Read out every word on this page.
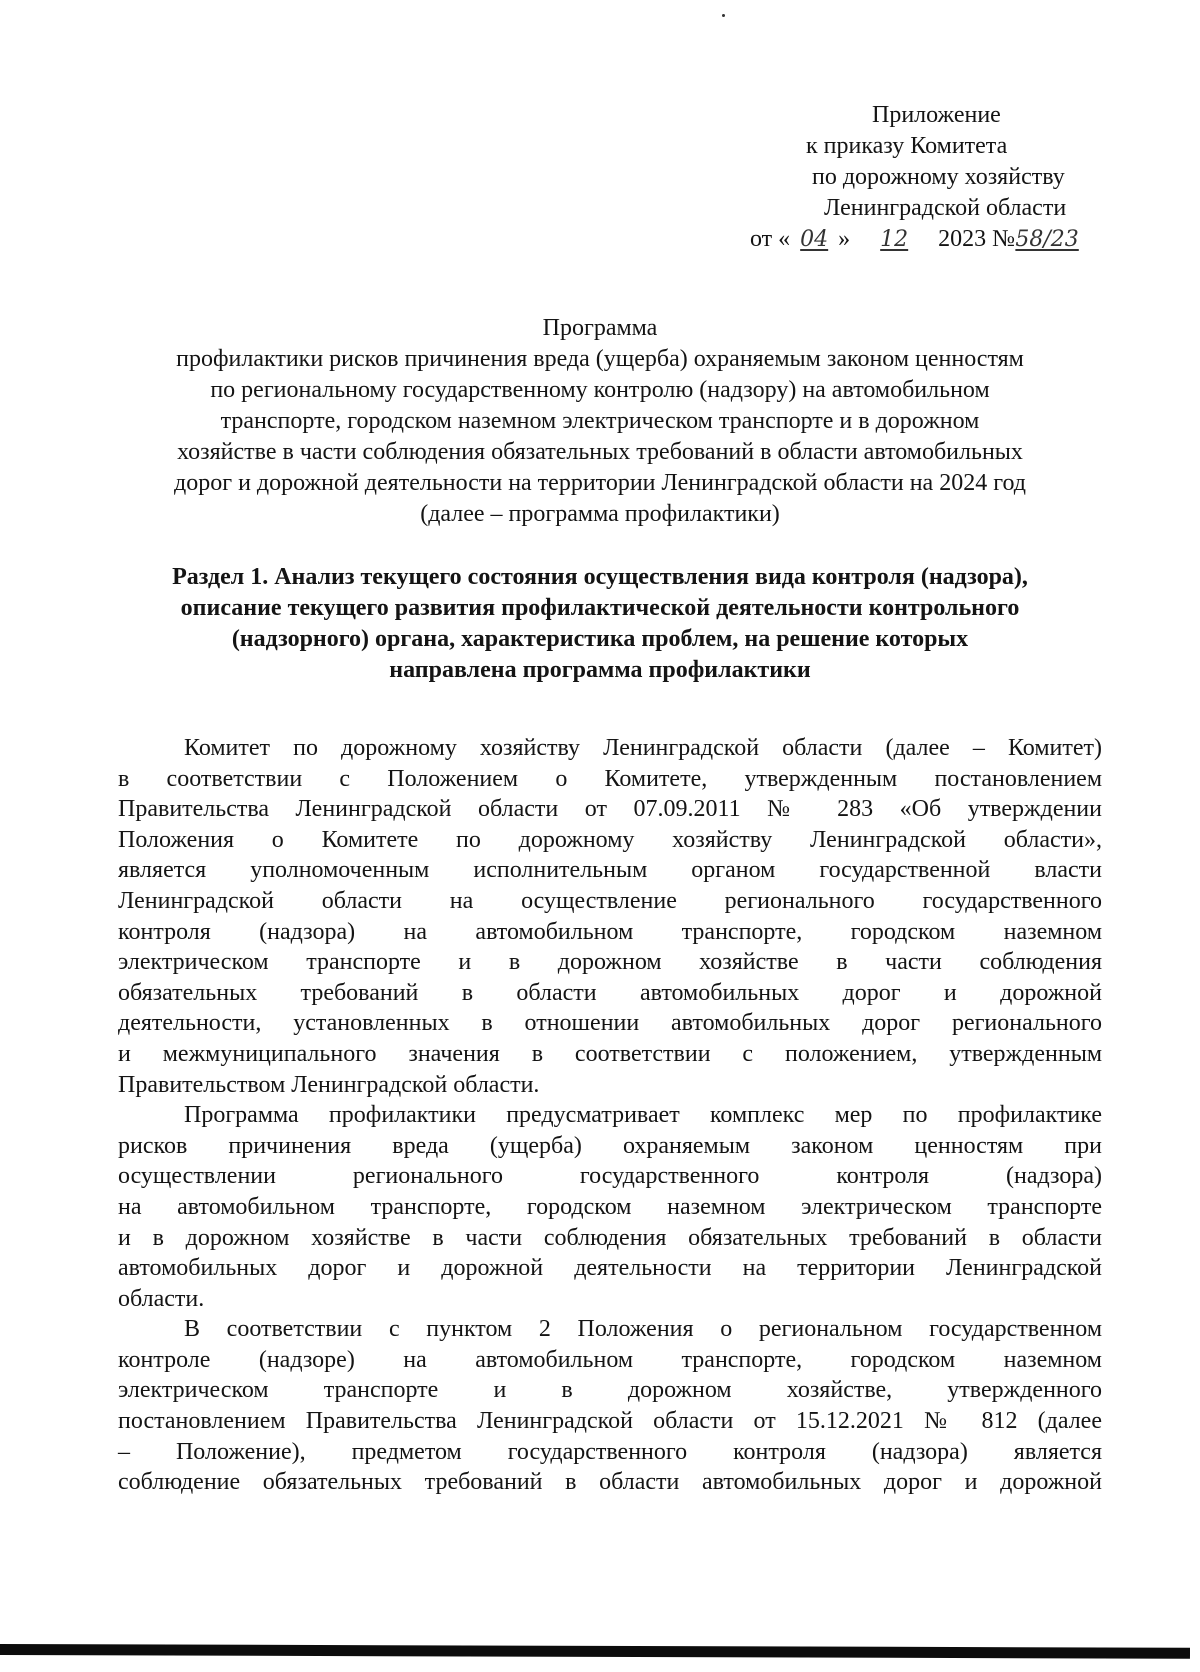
Приложение
к приказу Комитета
по дорожному хозяйству
Ленинградской области
от « 04 » 12 2023 №58/23
Программа
профилактики рисков причинения вреда (ущерба) охраняемым законом ценностям
по региональному государственному контролю (надзору) на автомобильном
транспорте, городском наземном электрическом транспорте и в дорожном
хозяйстве в части соблюдения обязательных требований в области автомобильных
дорог и дорожной деятельности на территории Ленинградской области на 2024 год
(далее – программа профилактики)
Раздел 1. Анализ текущего состояния осуществления вида контроля (надзора),
описание текущего развития профилактической деятельности контрольного
(надзорного) органа, характеристика проблем, на решение которых
направлена программа профилактики
Комитет по дорожному хозяйству Ленинградской области (далее – Комитет)
в соответствии с Положением о Комитете, утвержденным постановлением
Правительства Ленинградской области от 07.09.2011 № 283 «Об утверждении
Положения о Комитете по дорожному хозяйству Ленинградской области»,
является уполномоченным исполнительным органом государственной власти
Ленинградской области на осуществление регионального государственного
контроля (надзора) на автомобильном транспорте, городском наземном
электрическом транспорте и в дорожном хозяйстве в части соблюдения
обязательных требований в области автомобильных дорог и дорожной
деятельности, установленных в отношении автомобильных дорог регионального
и межмуниципального значения в соответствии с положением, утвержденным
Правительством Ленинградской области.
Программа профилактики предусматривает комплекс мер по профилактике
рисков причинения вреда (ущерба) охраняемым законом ценностям при
осуществлении регионального государственного контроля (надзора)
на автомобильном транспорте, городском наземном электрическом транспорте
и в дорожном хозяйстве в части соблюдения обязательных требований в области
автомобильных дорог и дорожной деятельности на территории Ленинградской
области.
В соответствии с пунктом 2 Положения о региональном государственном
контроле (надзоре) на автомобильном транспорте, городском наземном
электрическом транспорте и в дорожном хозяйстве, утвержденного
постановлением Правительства Ленинградской области от 15.12.2021 № 812 (далее
– Положение), предметом государственного контроля (надзора) является
соблюдение обязательных требований в области автомобильных дорог и дорожной
